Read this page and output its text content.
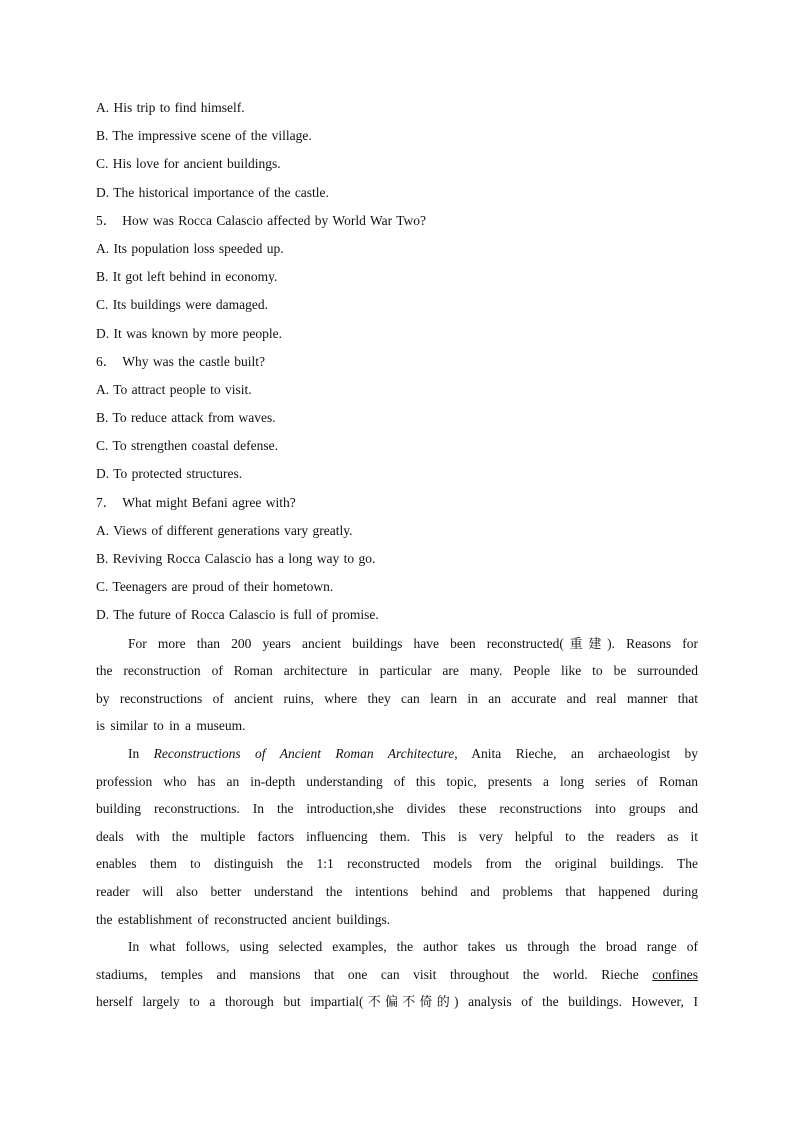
A. His trip to find himself.
B. The impressive scene of the village.
C. His love for ancient buildings.
D. The historical importance of the castle.
5． How was Rocca Calascio affected by World War Two?
A. Its population loss speeded up.
B. It got left behind in economy.
C. Its buildings were damaged.
D. It was known by more people.
6． Why was the castle built?
A. To attract people to visit.
B. To reduce attack from waves.
C. To strengthen coastal defense.
D. To protected structures.
7． What might Befani agree with?
A. Views of different generations vary greatly.
B. Reviving Rocca Calascio has a long way to go.
C. Teenagers are proud of their hometown.
D. The future of Rocca Calascio is full of promise.
For more than 200 years ancient buildings have been reconstructed(重建). Reasons for
the reconstruction of Roman architecture in particular are many. People like to be surrounded
by reconstructions of ancient ruins, where they can learn in an accurate and real manner that
is similar to in a museum.
In Reconstructions of Ancient Roman Architecture, Anita Rieche, an archaeologist by
profession who has an in-depth understanding of this topic, presents a long series of Roman
building reconstructions. In the introduction,she divides these reconstructions into groups and
deals with the multiple factors influencing them. This is very helpful to the readers as it
enables them to distinguish the 1:1 reconstructed models from the original buildings. The
reader will also better understand the intentions behind and problems that happened during
the establishment of reconstructed ancient buildings.
In what follows, using selected examples, the author takes us through the broad range of
stadiums, temples and mansions that one can visit throughout the world. Rieche confines
herself largely to a thorough but impartial(不偏不倚的) analysis of the buildings. However, I
